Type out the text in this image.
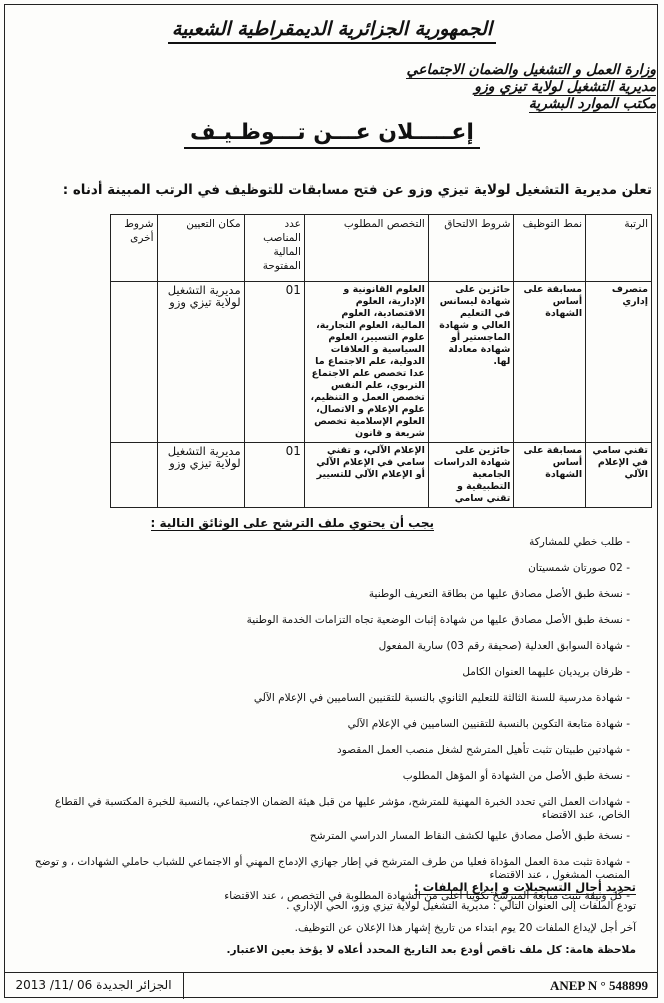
الجمهورية الجزائرية الديمقراطية الشعبية
وزارة العمل و التشغيل والضمان الاجتماعي
مديرية التشغيل لولاية تيزي وزو
مكتب الموارد البشرية
إعـــــلان عـــن تـــوظـيـف
تعلن مديرية التشغيل لولاية تيزي وزو عن فتح مسابقات للتوظيف في الرتب المبينة أدناه :
الرتبة	نمط التوظيف	شروط الالتحاق	التخصص المطلوب	عدد المناصب المالية المفتوحة	مكان التعيين	شروط أخرى
متصرف إداري	مسابقة على أساس الشهادة	حائزين على شهادة ليسانس في التعليم العالي و شهادة الماجستير أو شهادة معادلة لها.	العلوم القانونية و الإدارية، العلوم الاقتصادية، العلوم المالية، العلوم التجارية، علوم التسيير، العلوم السياسية و العلاقات الدولية، علم الاجتماع ما عدا تخصص علم الاجتماع التربوي، علم النفس تخصص العمل و التنظيم، علوم الإعلام و الاتصال، العلوم الإسلامية تخصص شريعة و قانون	01	مديرية التشغيل لولاية تيزي وزو	
تقني سامي في الإعلام الآلي	مسابقة على أساس الشهادة	حائزين على شهادة الدراسات الجامعية التطبيقية و تقني سامي	الإعلام الآلي، و تقني سامي في الإعلام الآلي أو الإعلام الآلي للتسيير	01	مديرية التشغيل لولاية تيزي وزو	
يجب أن يحتوي ملف الترشح على الوثائق التالية :
- طلب خطي للمشاركة
- 02 صورتان شمسيتان
- نسخة طبق الأصل مصادق عليها من بطاقة التعريف الوطنية
- نسخة طبق الأصل مصادق عليها من شهادة إثبات الوضعية تجاه التزامات الخدمة الوطنية
- شهادة السوابق العدلية (صحيفة رقم 03) سارية المفعول
- ظرفان بريديان عليهما العنوان الكامل
- شهادة مدرسية للسنة الثالثة للتعليم الثانوي بالنسبة للتقنيين الساميين في الإعلام الآلي
- شهادة متابعة التكوين بالنسبة للتقنيين الساميين في الإعلام الآلي
- شهادتين طبيتان تثبت تأهيل المترشح لشغل منصب العمل المقصود
- نسخة طبق الأصل من الشهادة أو المؤهل المطلوب
- شهادات العمل التي تحدد الخبرة المهنية للمترشح، مؤشر عليها من قبل هيئة الضمان الاجتماعي، بالنسبة للخبرة المكتسبة في القطاع الخاص، عند الاقتضاء
- نسخة طبق الأصل مصادق عليها لكشف النقاط المسار الدراسي المترشح
- شهادة تثبت مدة العمل المؤداة فعليا من طرف المترشح في إطار جهازي الإدماج المهني أو الاجتماعي للشباب حاملي الشهادات ، و توضح المنصب المشغول ، عند الاقتضاء
- كل وثيقة تثبت متابعة المترشح تكوينا أعلى من الشهادة المطلوبة في التخصص ، عند الاقتضاء
تحديد أجال التسجيلات و إيداع الملفات :
تودع الملفات إلى العنوان التالي : مديرية التشغيل لولاية تيزي وزو، الحي الإداري .
آخر أجل لإيداع الملفات 20 يوم ابتداء من تاريخ إشهار هذا الإعلان عن التوظيف.
ملاحظة هامة: كل ملف ناقص أودع بعد التاريخ المحدد أعلاه لا يؤخذ بعين الاعتبار.
الجزائر الجديدة 06 /11/ 2013	ANEP N ° 548899
